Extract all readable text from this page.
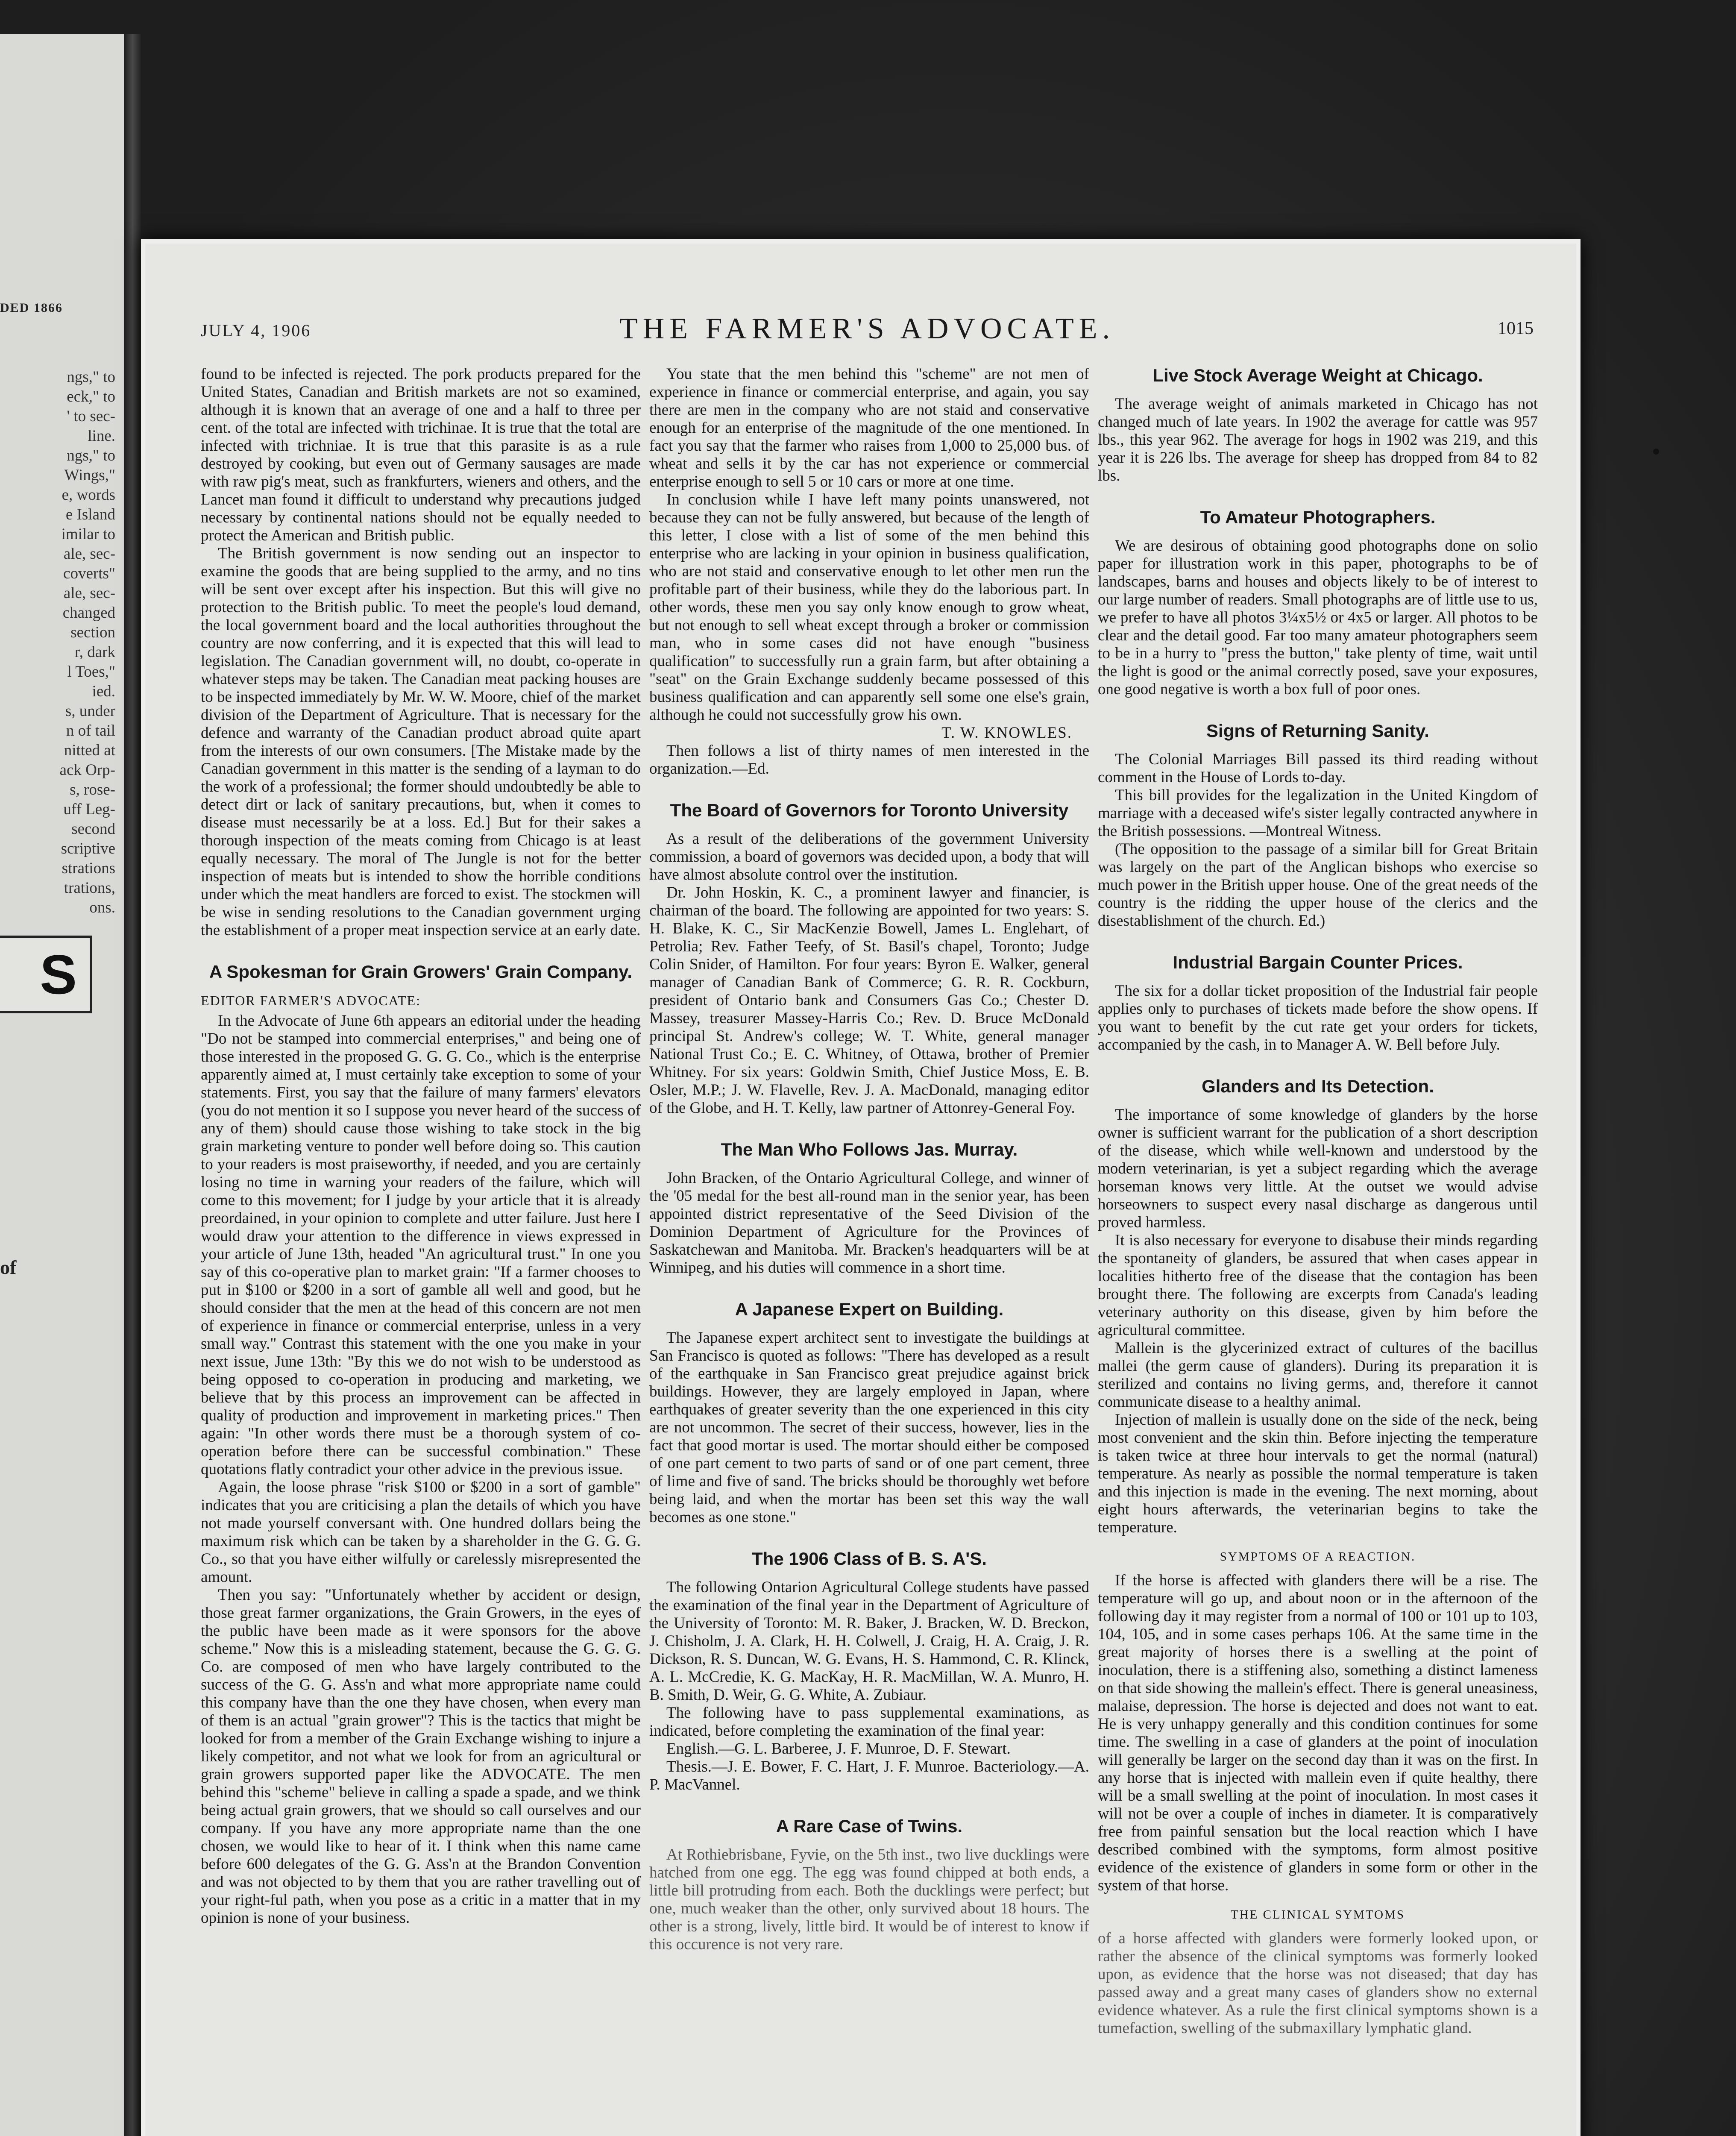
DED 1866
ngs," to
eck," to
' to sec-
line.
ngs," to
Wings,"
e, words
e Island
imilar to
ale, sec-
coverts"
ale, sec-
changed
section
r, dark
l Toes,"
ied.
s, under
n of tail
nitted at
ack Orp-
s, rose-
uff Leg-
second
scriptive
strations
trations,
ons.
S
of
JULY 4, 1906	THE FARMER'S ADVOCATE.	1015

found to be infected is rejected. The pork products prepared for the United States, Canadian and British markets are not so examined, although it is known that an average of one and a half to three per cent. of the total are infected with trichinae. It is true that the total are infected with trichniae. It is true that this parasite is as a rule destroyed by cooking, but even out of Germany sausages are made with raw pig's meat, such as frankfurters, wieners and others, and the Lancet man found it difficult to understand why precautions judged necessary by continental nations should not be equally needed to protect the American and British public.

The British government is now sending out an inspector to examine the goods that are being supplied to the army, and no tins will be sent over except after his inspection. But this will give no protection to the British public. To meet the people's loud demand, the local government board and the local authorities throughout the country are now conferring, and it is expected that this will lead to legislation. The Canadian government will, no doubt, co-operate in whatever steps may be taken. The Canadian meat packing houses are to be inspected immediately by Mr. W. W. Moore, chief of the market division of the Department of Agriculture. That is necessary for the defence and warranty of the Canadian product abroad quite apart from the interests of our own consumers. [The Mistake made by the Canadian government in this matter is the sending of a layman to do the work of a professional; the former should undoubtedly be able to detect dirt or lack of sanitary precautions, but, when it comes to disease must necessarily be at a loss. Ed.] But for their sakes a thorough inspection of the meats coming from Chicago is at least equally necessary. The moral of The Jungle is not for the better inspection of meats but is intended to show the horrible conditions under which the meat handlers are forced to exist. The stockmen will be wise in sending resolutions to the Canadian government urging the establishment of a proper meat inspection service at an early date.

A Spokesman for Grain Growers' Grain Company.

EDITOR FARMER'S ADVOCATE:

In the Advocate of June 6th appears an editorial under the heading "Do not be stamped into commercial enterprises," and being one of those interested in the proposed G. G. G. Co., which is the enterprise apparently aimed at, I must certainly take exception to some of your statements. First, you say that the failure of many farmers' elevators (you do not mention it so I suppose you never heard of the success of any of them) should cause those wishing to take stock in the big grain marketing venture to ponder well before doing so. This caution to your readers is most praiseworthy, if needed, and you are certainly losing no time in warning your readers of the failure, which will come to this movement; for I judge by your article that it is already preordained, in your opinion to complete and utter failure. Just here I would draw your attention to the difference in views expressed in your article of June 13th, headed "An agricultural trust." In one you say of this co-operative plan to market grain: "If a farmer chooses to put in $100 or $200 in a sort of gamble all well and good, but he should consider that the men at the head of this concern are not men of experience in finance or commercial enterprise, unless in a very small way." Contrast this statement with the one you make in your next issue, June 13th: "By this we do not wish to be understood as being opposed to co-operation in producing and marketing, we believe that by this process an improvement can be affected in quality of production and improvement in marketing prices." Then again: "In other words there must be a thorough system of co-operation before there can be successful combination." These quotations flatly contradict your other advice in the previous issue.

Again, the loose phrase "risk $100 or $200 in a sort of gamble" indicates that you are criticising a plan the details of which you have not made yourself conversant with. One hundred dollars being the maximum risk which can be taken by a shareholder in the G. G. G. Co., so that you have either wilfully or carelessly misrepresented the amount.

Then you say: "Unfortunately whether by accident or design, those great farmer organizations, the Grain Growers, in the eyes of the public have been made as it were sponsors for the above scheme." Now this is a misleading statement, because the G. G. G. Co. are composed of men who have largely contributed to the success of the G. G. Ass'n and what more appropriate name could this company have than the one they have chosen, when every man of them is an actual "grain grower"? This is the tactics that might be looked for from a member of the Grain Exchange wishing to injure a likely competitor, and not what we look for from an agricultural or grain growers supported paper like the ADVOCATE. The men behind this "scheme" believe in calling a spade a spade, and we think being actual grain growers, that we should so call ourselves and our company. If you have any more appropriate name than the one chosen, we would like to hear of it. I think when this name came before 600 delegates of the G. G. Ass'n at the Brandon Convention and was not objected to by them that you are rather travelling out of your right-ful path, when you pose as a critic in a matter that in my opinion is none of your business.

You state that the men behind this "scheme" are not men of experience in finance or commercial enterprise, and again, you say there are men in the company who are not staid and conservative enough for an enterprise of the magnitude of the one mentioned. In fact you say that the farmer who raises from 1,000 to 25,000 bus. of wheat and sells it by the car has not experience or commercial enterprise enough to sell 5 or 10 cars or more at one time.

In conclusion while I have left many points unanswered, not because they can not be fully answered, but because of the length of this letter, I close with a list of some of the men behind this enterprise who are lacking in your opinion in business qualification, who are not staid and conservative enough to let other men run the profitable part of their business, while they do the laborious part. In other words, these men you say only know enough to grow wheat, but not enough to sell wheat except through a broker or commission man, who in some cases did not have enough "business qualification" to successfully run a grain farm, but after obtaining a "seat" on the Grain Exchange suddenly became possessed of this business qualification and can apparently sell some one else's grain, although he could not successfully grow his own.

T. W. KNOWLES.

Then follows a list of thirty names of men interested in the organization.—Ed.

The Board of Governors for Toronto University

As a result of the deliberations of the government University commission, a board of governors was decided upon, a body that will have almost absolute control over the institution.

Dr. John Hoskin, K. C., a prominent lawyer and financier, is chairman of the board. The following are appointed for two years: S. H. Blake, K. C., Sir MacKenzie Bowell, James L. Englehart, of Petrolia; Rev. Father Teefy, of St. Basil's chapel, Toronto; Judge Colin Snider, of Hamilton. For four years: Byron E. Walker, general manager of Canadian Bank of Commerce; G. R. R. Cockburn, president of Ontario bank and Consumers Gas Co.; Chester D. Massey, treasurer Massey-Harris Co.; Rev. D. Bruce McDonald principal St. Andrew's college; W. T. White, general manager National Trust Co.; E. C. Whitney, of Ottawa, brother of Premier Whitney. For six years: Goldwin Smith, Chief Justice Moss, E. B. Osler, M.P.; J. W. Flavelle, Rev. J. A. MacDonald, managing editor of the Globe, and H. T. Kelly, law partner of Attonrey-General Foy.

The Man Who Follows Jas. Murray.

John Bracken, of the Ontario Agricultural College, and winner of the '05 medal for the best all-round man in the senior year, has been appointed district representative of the Seed Division of the Dominion Department of Agriculture for the Provinces of Saskatchewan and Manitoba. Mr. Bracken's headquarters will be at Winnipeg, and his duties will commence in a short time.

A Japanese Expert on Building.

The Japanese expert architect sent to investigate the buildings at San Francisco is quoted as follows: "There has developed as a result of the earthquake in San Francisco great prejudice against brick buildings. However, they are largely employed in Japan, where earthquakes of greater severity than the one experienced in this city are not uncommon. The secret of their success, however, lies in the fact that good mortar is used. The mortar should either be composed of one part cement to two parts of sand or of one part cement, three of lime and five of sand. The bricks should be thoroughly wet before being laid, and when the mortar has been set this way the wall becomes as one stone."

The 1906 Class of B. S. A'S.

The following Ontarion Agricultural College students have passed the examination of the final year in the Department of Agriculture of the University of Toronto: M. R. Baker, J. Bracken, W. D. Breckon, J. Chisholm, J. A. Clark, H. H. Colwell, J. Craig, H. A. Craig, J. R. Dickson, R. S. Duncan, W. G. Evans, H. S. Hammond, C. R. Klinck, A. L. McCredie, K. G. MacKay, H. R. MacMillan, W. A. Munro, H. B. Smith, D. Weir, G. G. White, A. Zubiaur.

The following have to pass supplemental examinations, as indicated, before completing the examination of the final year:

English.—G. L. Barberee, J. F. Munroe, D. F. Stewart.

Thesis.—J. E. Bower, F. C. Hart, J. F. Munroe. Bacteriology.—A. P. MacVannel.

A Rare Case of Twins.

At Rothiebrisbane, Fyvie, on the 5th inst., two live ducklings were hatched from one egg. The egg was found chipped at both ends, a little bill protruding from each. Both the ducklings were perfect; but one, much weaker than the other, only survived about 18 hours. The other is a strong, lively, little bird. It would be of interest to know if this occurence is not very rare.

Live Stock Average Weight at Chicago.

The average weight of animals marketed in Chicago has not changed much of late years. In 1902 the average for cattle was 957 lbs., this year 962. The average for hogs in 1902 was 219, and this year it is 226 lbs. The average for sheep has dropped from 84 to 82 lbs.

To Amateur Photographers.

We are desirous of obtaining good photographs done on solio paper for illustration work in this paper, photographs to be of landscapes, barns and houses and objects likely to be of interest to our large number of readers. Small photographs are of little use to us, we prefer to have all photos 3¼x5½ or 4x5 or larger. All photos to be clear and the detail good. Far too many amateur photographers seem to be in a hurry to "press the button," take plenty of time, wait until the light is good or the animal correctly posed, save your exposures, one good negative is worth a box full of poor ones.

Signs of Returning Sanity.

The Colonial Marriages Bill passed its third reading without comment in the House of Lords to-day.

This bill provides for the legalization in the United Kingdom of marriage with a deceased wife's sister legally contracted anywhere in the British possessions. —Montreal Witness.

(The opposition to the passage of a similar bill for Great Britain was largely on the part of the Anglican bishops who exercise so much power in the British upper house. One of the great needs of the country is the ridding the upper house of the clerics and the disestablishment of the church. Ed.)

Industrial Bargain Counter Prices.

The six for a dollar ticket proposition of the Industrial fair people applies only to purchases of tickets made before the show opens. If you want to benefit by the cut rate get your orders for tickets, accompanied by the cash, in to Manager A. W. Bell before July.

Glanders and Its Detection.

The importance of some knowledge of glanders by the horse owner is sufficient warrant for the publication of a short description of the disease, which while well-known and understood by the modern veterinarian, is yet a subject regarding which the average horseman knows very little. At the outset we would advise horseowners to suspect every nasal discharge as dangerous until proved harmless.

It is also necessary for everyone to disabuse their minds regarding the spontaneity of glanders, be assured that when cases appear in localities hitherto free of the disease that the contagion has been brought there. The following are excerpts from Canada's leading veterinary authority on this disease, given by him before the agricultural committee.

Mallein is the glycerinized extract of cultures of the bacillus mallei (the germ cause of glanders). During its preparation it is sterilized and contains no living germs, and, therefore it cannot communicate disease to a healthy animal.

Injection of mallein is usually done on the side of the neck, being most convenient and the skin thin. Before injecting the temperature is taken twice at three hour intervals to get the normal (natural) temperature. As nearly as possible the normal temperature is taken and this injection is made in the evening. The next morning, about eight hours afterwards, the veterinarian begins to take the temperature.

SYMPTOMS OF A REACTION.

If the horse is affected with glanders there will be a rise. The temperature will go up, and about noon or in the afternoon of the following day it may register from a normal of 100 or 101 up to 103, 104, 105, and in some cases perhaps 106. At the same time in the great majority of horses there is a swelling at the point of inoculation, there is a stiffening also, something a distinct lameness on that side showing the mallein's effect. There is general uneasiness, malaise, depression. The horse is dejected and does not want to eat. He is very unhappy generally and this condition continues for some time. The swelling in a case of glanders at the point of inoculation will generally be larger on the second day than it was on the first. In any horse that is injected with mallein even if quite healthy, there will be a small swelling at the point of inoculation. In most cases it will not be over a couple of inches in diameter. It is comparatively free from painful sensation but the local reaction which I have described combined with the symptoms, form almost positive evidence of the existence of glanders in some form or other in the system of that horse.

THE CLINICAL SYMTOMS

of a horse affected with glanders were formerly looked upon, or rather the absence of the clinical symptoms was formerly looked upon, as evidence that the horse was not diseased; that day has passed away and a great many cases of glanders show no external evidence whatever. As a rule the first clinical symptoms shown is a tumefaction, swelling of the submaxillary lymphatic gland.
